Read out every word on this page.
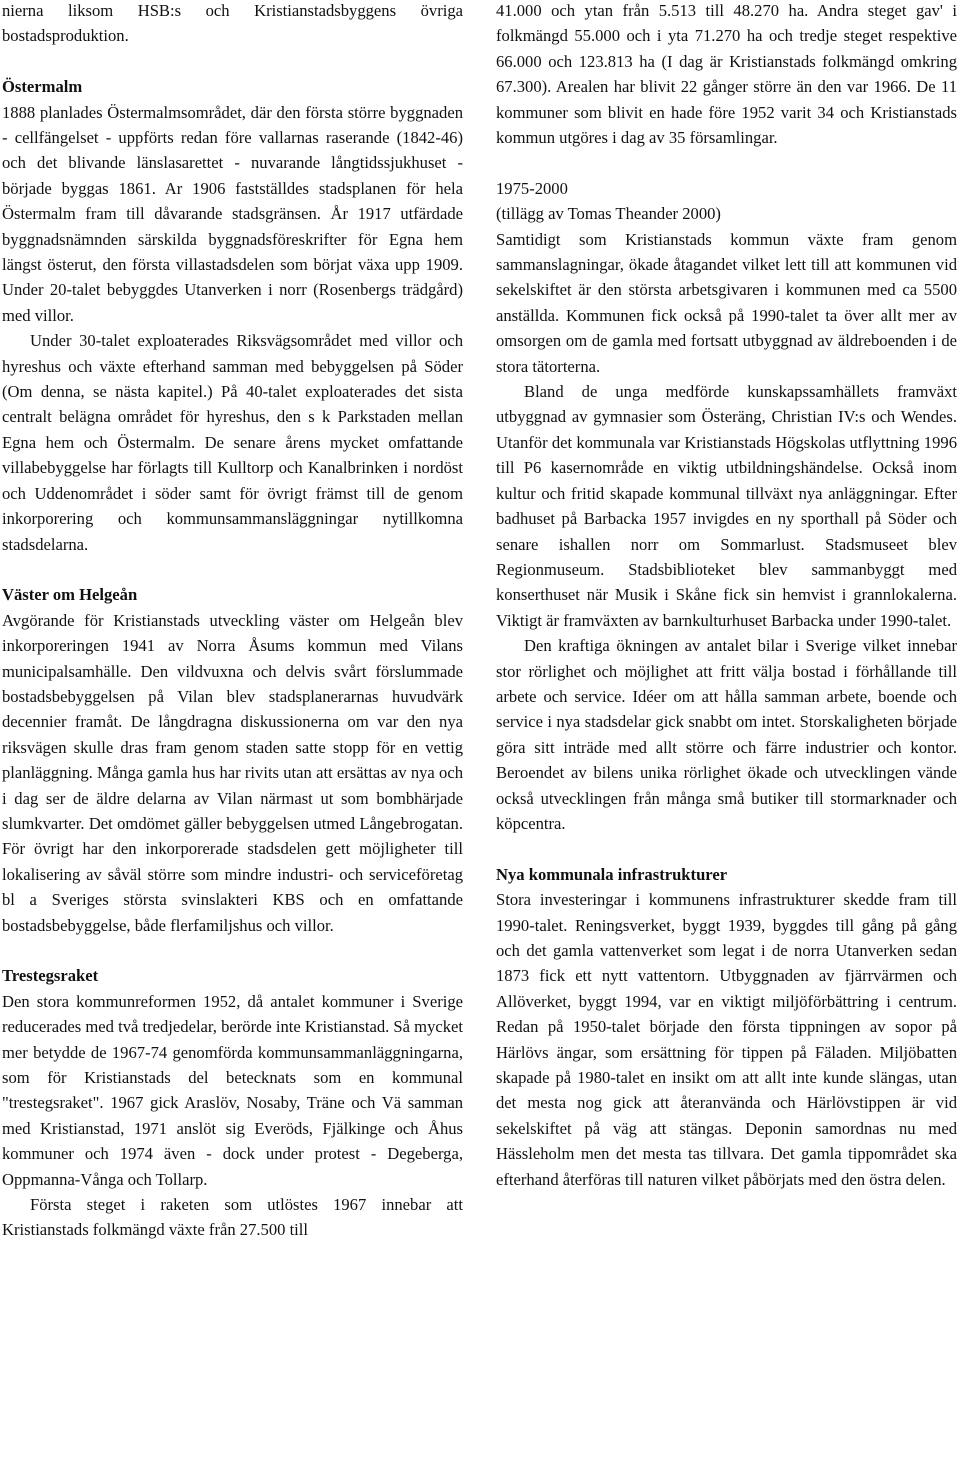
nierna liksom HSB:s och Kristianstadsbyggens övriga bostadsproduktion.

Östermalm

1888 planlades Östermalmsområdet, där den första större byggnaden - cellfängelset - uppförts redan före vallarnas raserande (1842-46) och det blivande länslasarettet - nuvarande långtidssjukhuset - började byggas 1861. Ar 1906 fastställdes stadsplanen för hela Östermalm fram till dåvarande stadsgränsen. År 1917 utfärdade byggnadsnämnden särskilda byggnadsföreskrifter för Egna hem längst österut, den första villastadsdelen som börjat växa upp 1909. Under 20-talet bebyggdes Utanverken i norr (Rosenbergs trädgård) med villor.

Under 30-talet exploaterades Riksvägsområdet med villor och hyreshus och växte efterhand samman med bebyggelsen på Söder (Om denna, se nästa kapitel.) På 40-talet exploaterades det sista centralt belägna området för hyreshus, den s k Parkstaden mellan Egna hem och Östermalm. De senare årens mycket omfattande villabebyggelse har förlagts till Kulltorp och Kanalbrinken i nordöst och Uddenområdet i söder samt för övrigt främst till de genom inkorporering och kommunsammansläggningar nytillkomna stadsdelarna.

Väster om Helgeån

Avgörande för Kristianstads utveckling väster om Helgeån blev inkorporeringen 1941 av Norra Åsums kommun med Vilans municipalsamhälle. Den vildvuxna och delvis svårt förslummade bostadsbebyggelsen på Vilan blev stadsplanerarnas huvudvärk decennier framåt. De långdragna diskussionerna om var den nya riksvägen skulle dras fram genom staden satte stopp för en vettig planläggning. Många gamla hus har rivits utan att ersättas av nya och i dag ser de äldre delarna av Vilan närmast ut som bombhärjade slumkvarter. Det omdömet gäller bebyggelsen utmed Långebrogatan. För övrigt har den inkorporerade stadsdelen gett möjligheter till lokalisering av såväl större som mindre industri- och serviceföretag bl a Sveriges största svinslakteri KBS och en omfattande bostadsbebyggelse, både flerfamiljshus och villor.

Trestegsraket

Den stora kommunreformen 1952, då antalet kommuner i Sverige reducerades med två tredjedelar, berörde inte Kristianstad. Så mycket mer betydde de 1967-74 genomförda kommunsammanläggningarna, som för Kristianstads del betecknats som en kommunal "trestegsraket". 1967 gick Araslöv, Nosaby, Träne och Vä samman med Kristianstad, 1971 anslöt sig Everöds, Fjälkinge och Åhus kommuner och 1974 även - dock under protest - Degeberga, Oppmanna-Vånga och Tollarp.

Första steget i raketen som utlöstes 1967 innebar att Kristianstads folkmängd växte från 27.500 till

41.000 och ytan från 5.513 till 48.270 ha. Andra steget gav' i folkmängd 55.000 och i yta 71.270 ha och tredje steget respektive 66.000 och 123.813 ha (I dag är Kristianstads folkmängd omkring 67.300). Arealen har blivit 22 gånger större än den var 1966. De 11 kommuner som blivit en hade före 1952 varit 34 och Kristianstads kommun utgöres i dag av 35 församlingar.

1975-2000

(tillägg av Tomas Theander 2000)

Samtidigt som Kristianstads kommun växte fram genom sammanslagningar, ökade åtagandet vilket lett till att kommunen vid sekelskiftet är den största arbetsgivaren i kommunen med ca 5500 anställda. Kommunen fick också på 1990-talet ta över allt mer av omsorgen om de gamla med fortsatt utbyggnad av äldreboenden i de stora tätorterna.

Bland de unga medförde kunskapssamhällets framväxt utbyggnad av gymnasier som Österäng, Christian IV:s och Wendes. Utanför det kommunala var Kristianstads Högskolas utflyttning 1996 till P6 kasernområde en viktig utbildningshändelse. Också inom kultur och fritid skapade kommunal tillväxt nya anläggningar. Efter badhuset på Barbacka 1957 invigdes en ny sporthall på Söder och senare ishallen norr om Sommarlust. Stadsmuseet blev Regionmuseum. Stadsbiblioteket blev sammanbyggt med konserthuset när Musik i Skåne fick sin hemvist i grannlokalerna. Viktigt är framväxten av barnkulturhuset Barbacka under 1990-talet.

Den kraftiga ökningen av antalet bilar i Sverige vilket innebar stor rörlighet och möjlighet att fritt välja bostad i förhållande till arbete och service. Idéer om att hålla samman arbete, boende och service i nya stadsdelar gick snabbt om intet. Storskaligheten började göra sitt inträde med allt större och färre industrier och kontor. Beroendet av bilens unika rörlighet ökade och utvecklingen vände också utvecklingen från många små butiker till stormarknader och köpcentra.

Nya kommunala infrastrukturer

Stora investeringar i kommunens infrastrukturer skedde fram till 1990-talet. Reningsverket, byggt 1939, byggdes till gång på gång och det gamla vattenverket som legat i de norra Utanverken sedan 1873 fick ett nytt vattentorn. Utbyggnaden av fjärrvärmen och Allöverket, byggt 1994, var en viktigt miljöförbättring i centrum. Redan på 1950-talet började den första tippningen av sopor på Härlövs ängar, som ersättning för tippen på Fäladen. Miljöbatten skapade på 1980-talet en insikt om att allt inte kunde slängas, utan det mesta nog gick att återanvända och Härlövstippen är vid sekelskiftet på väg att stängas. Deponin samordnas nu med Hässleholm men det mesta tas tillvara. Det gamla tippområdet ska efterhand återföras till naturen vilket påbörjats med den östra delen.
